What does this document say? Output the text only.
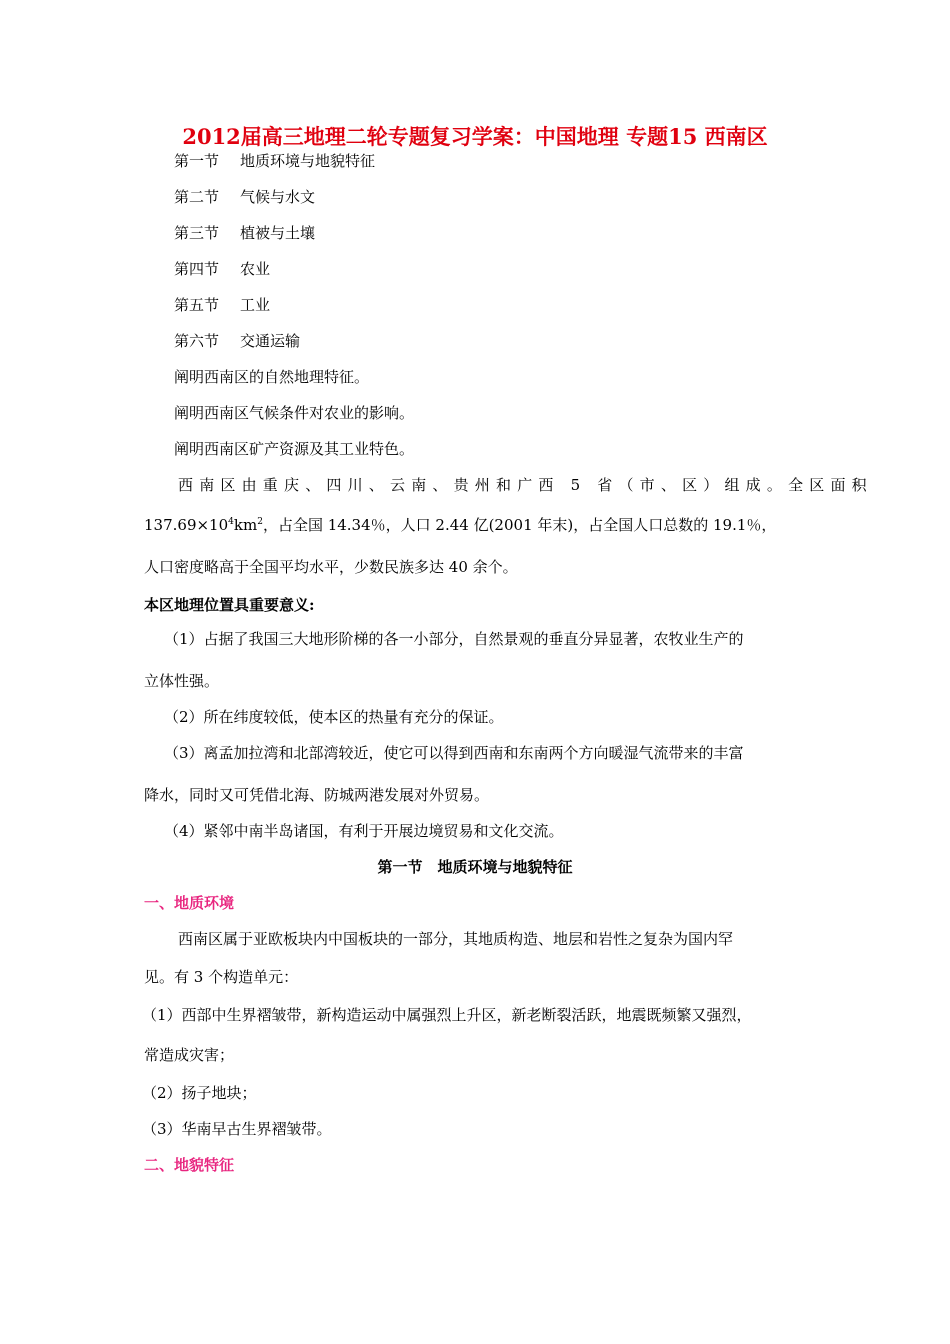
2012届高三地理二轮专题复习学案：中国地理 专题15 西南区
第一节 地质环境与地貌特征
第二节 气候与水文
第三节 植被与土壤
第四节 农业
第五节 工业
第六节 交通运输
阐明西南区的自然地理特征。
阐明西南区气候条件对农业的影响。
阐明西南区矿产资源及其工业特色。
西南区由重庆、四川、云南、贵州和广西 5 省（市、区）组成。全区面积
$137.69\times 10^4km^2$，占全国 14.34％，人口 2.44 亿(2001 年末)，占全国人口总数的 19.1％，
人口密度略高于全国平均水平，少数民族多达 40 余个。
本区地理位置具重要意义:
（1）占据了我国三大地形阶梯的各一小部分，自然景观的垂直分异显著，农牧业生产的
立体性强。
（2）所在纬度较低，使本区的热量有充分的保证。
（3）离孟加拉湾和北部湾较近，使它可以得到西南和东南两个方向暖湿气流带来的丰富
降水，同时又可凭借北海、防城两港发展对外贸易。
（4）紧邻中南半岛诸国，有利于开展边境贸易和文化交流。
第一节　地质环境与地貌特征
一、地质环境
西南区属于亚欧板块内中国板块的一部分，其地质构造、地层和岩性之复杂为国内罕
见。有 3 个构造单元：
（1）西部中生界褶皱带，新构造运动中属强烈上升区，新老断裂活跃，地震既频繁又强烈，
常造成灾害；
（2）扬子地块；
（3）华南早古生界褶皱带。
二、地貌特征
